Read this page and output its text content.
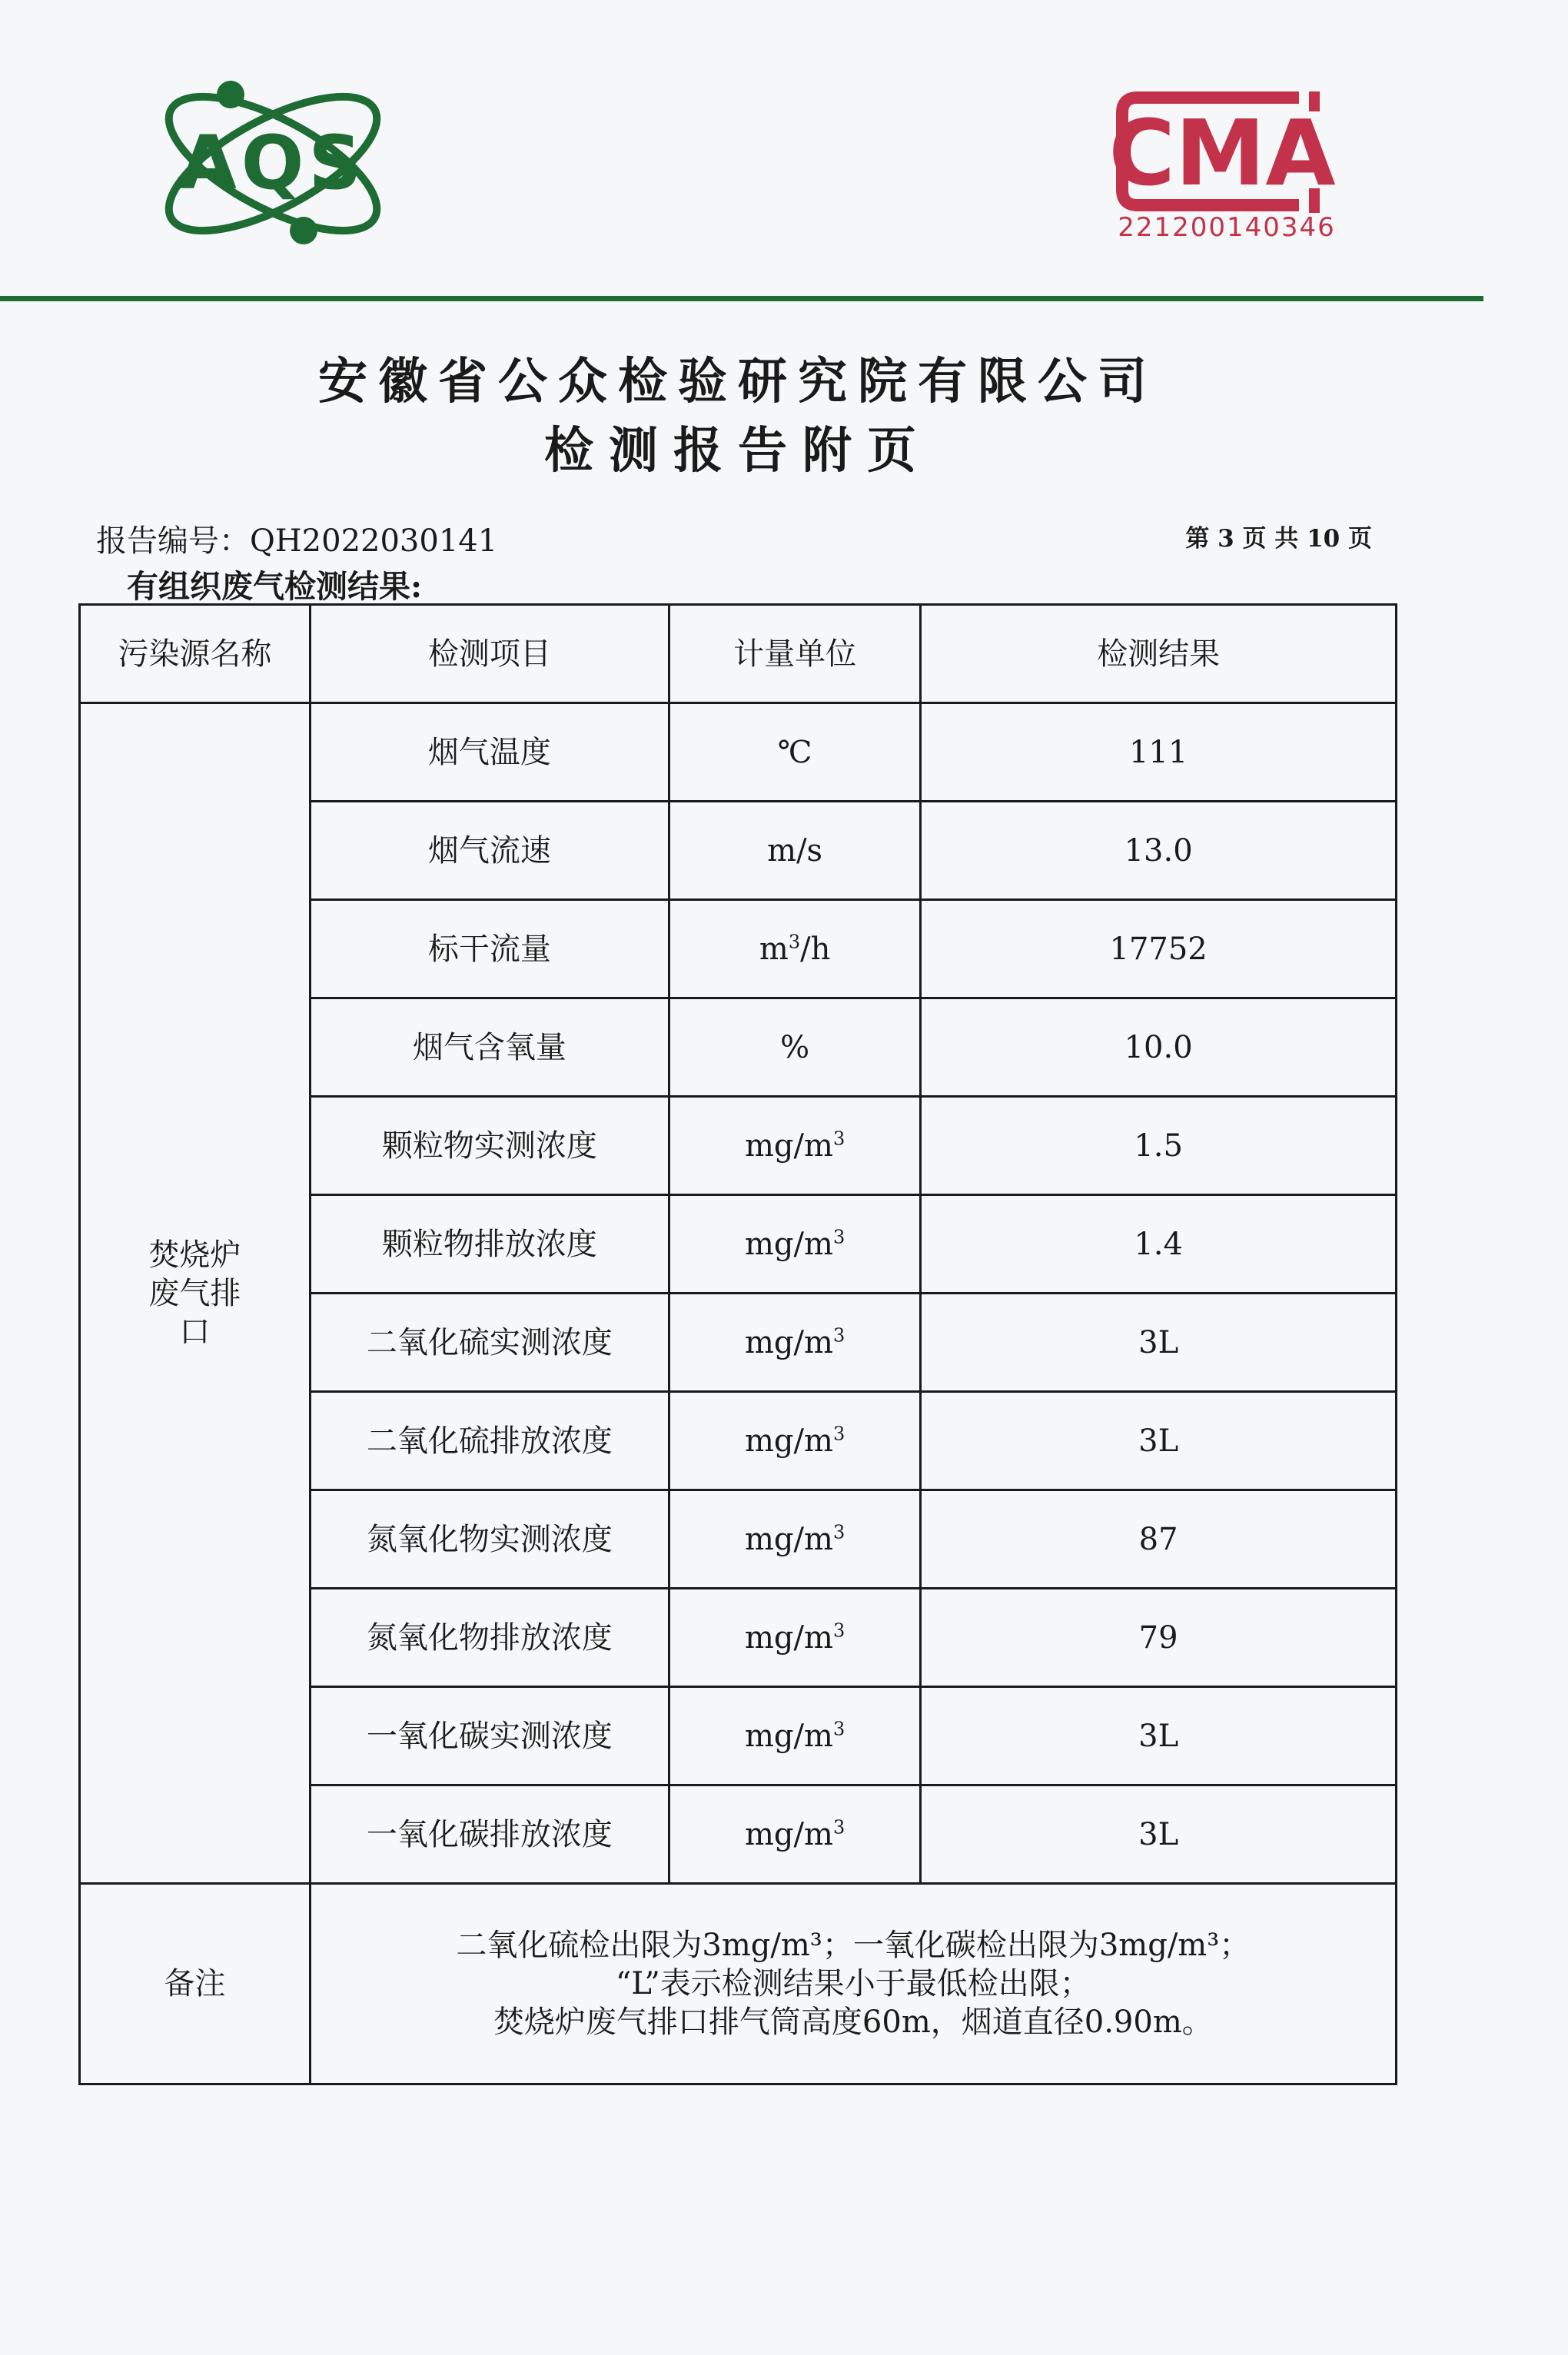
AQS	CMA
221200140346
安徽省公众检验研究院有限公司
检测报告附页
报告编号：QH2022030141	第 3 页 共 10 页
有组织废气检测结果:
污染源名称	检测项目	计量单位	检测结果

焚烧炉废气排口	烟气温度	℃	111
	烟气流速	m/s	13.0
	标干流量	$m^3/h$	17752
	烟气含氧量	%	10.0
	颗粒物实测浓度	$mg/m^3$	1.5
	颗粒物排放浓度	$mg/m^3$	1.4
	二氧化硫实测浓度	$mg/m^3$	3L
	二氧化硫排放浓度	$mg/m^3$	3L
	氮氧化物实测浓度	$mg/m^3$	87
	氮氧化物排放浓度	$mg/m^3$	79
	一氧化碳实测浓度	$mg/m^3$	3L
	一氧化碳排放浓度	$mg/m^3$	3L
备注	二氧化硫检出限为3mg/m³；一氧化碳检出限为3mg/m³；
“L”表示检测结果小于最低检出限；
焚烧炉废气排口排气筒高度60m，烟道直径0.90m。		
